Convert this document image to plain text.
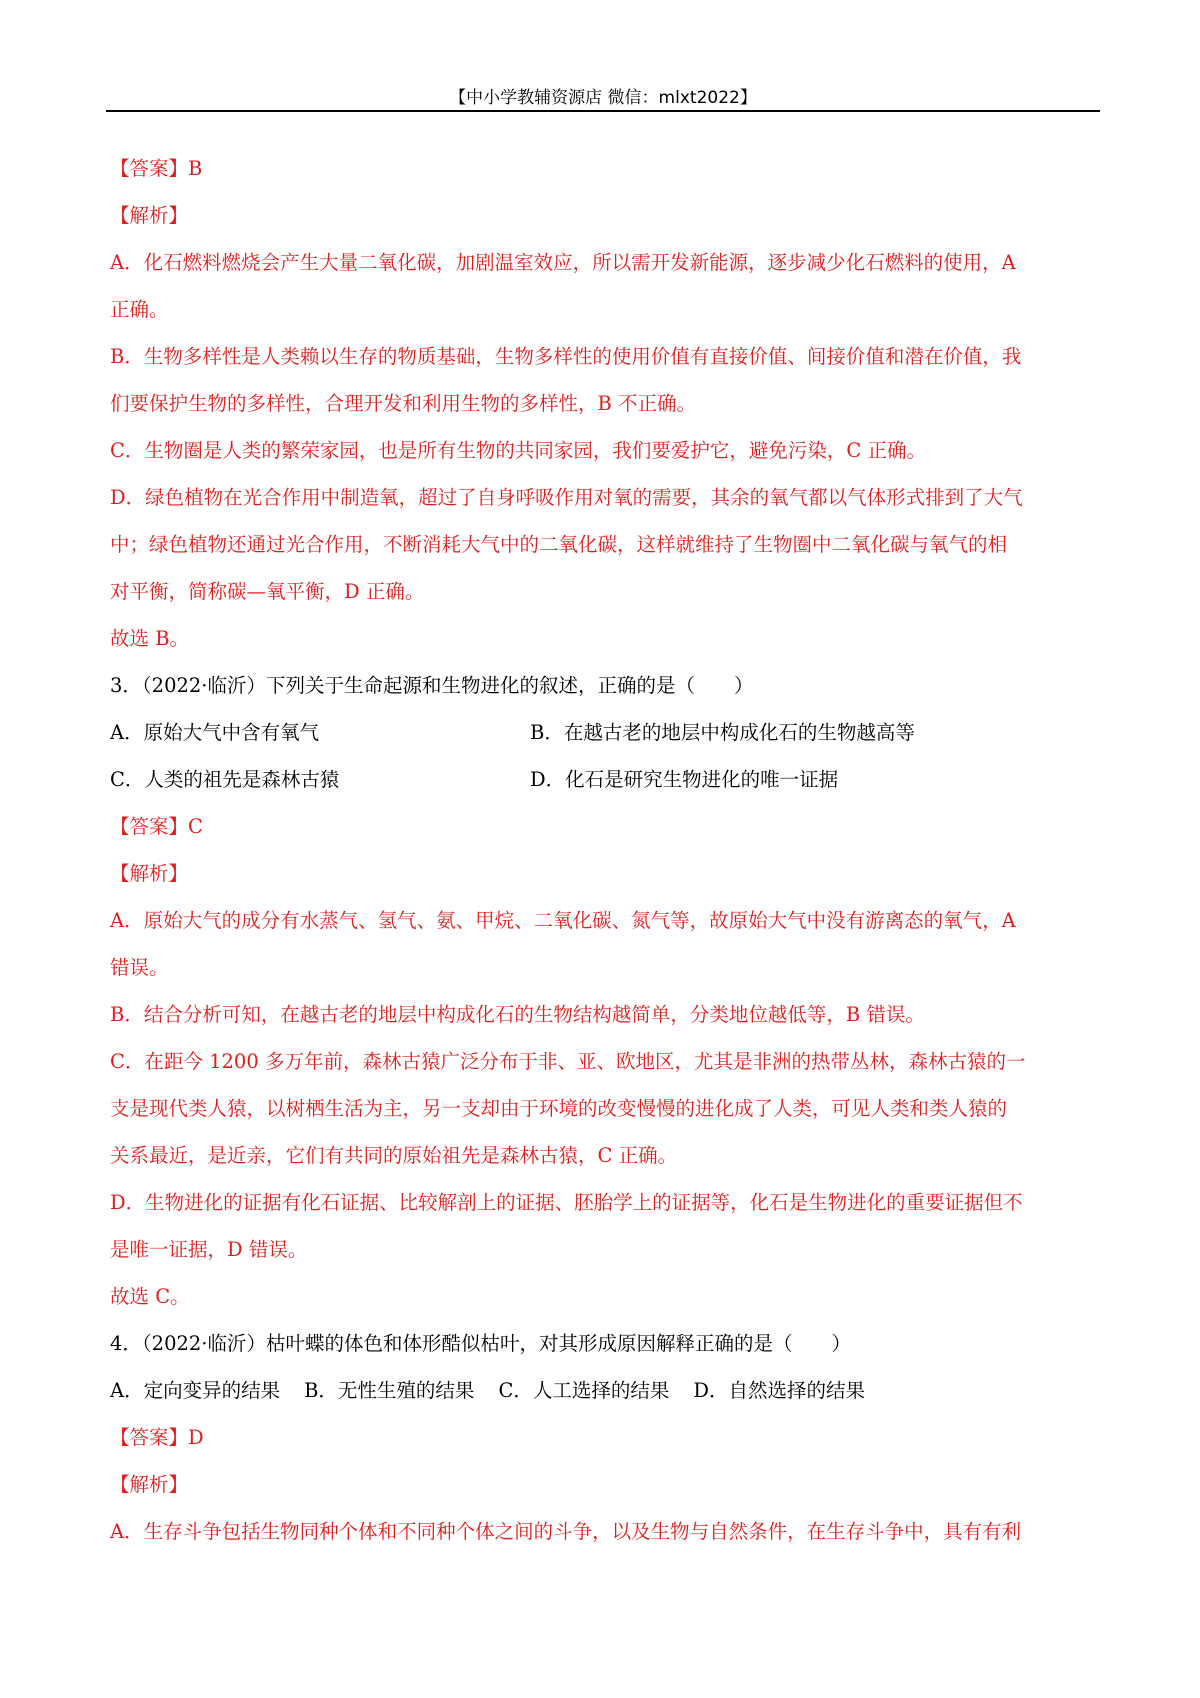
【中小学教辅资源店 微信：mlxt2022】

【答案】B

【解析】

A．化石燃料燃烧会产生大量二氧化碳，加剧温室效应，所以需开发新能源，逐步减少化石燃料的使用，A

正确。

B．生物多样性是人类赖以生存的物质基础，生物多样性的使用价值有直接价值、间接价值和潜在价值，我

们要保护生物的多样性，合理开发和利用生物的多样性，B 不正确。

C．生物圈是人类的繁荣家园，也是所有生物的共同家园，我们要爱护它，避免污染，C 正确。

D．绿色植物在光合作用中制造氧，超过了自身呼吸作用对氧的需要，其余的氧气都以气体形式排到了大气

中；绿色植物还通过光合作用，不断消耗大气中的二氧化碳，这样就维持了生物圈中二氧化碳与氧气的相

对平衡，简称碳—氧平衡，D 正确。

故选 B。

3．（2022·临沂）下列关于生命起源和生物进化的叙述，正确的是（　　）

A．原始大气中含有氧气	B．在越古老的地层中构成化石的生物越高等
C．人类的祖先是森林古猿	D．化石是研究生物进化的唯一证据

【答案】C

【解析】

A．原始大气的成分有水蒸气、氢气、氨、甲烷、二氧化碳、氮气等，故原始大气中没有游离态的氧气，A

错误。

B．结合分析可知，在越古老的地层中构成化石的生物结构越简单，分类地位越低等，B 错误。

C．在距今 1200 多万年前，森林古猿广泛分布于非、亚、欧地区，尤其是非洲的热带丛林，森林古猿的一

支是现代类人猿，以树栖生活为主，另一支却由于环境的改变慢慢的进化成了人类，可见人类和类人猿的

关系最近，是近亲，它们有共同的原始祖先是森林古猿，C 正确。

D．生物进化的证据有化石证据、比较解剖上的证据、胚胎学上的证据等，化石是生物进化的重要证据但不

是唯一证据，D 错误。

故选 C。

4．（2022·临沂）枯叶蝶的体色和体形酷似枯叶，对其形成原因解释正确的是（　　）

A．定向变异的结果 B．无性生殖的结果 C．人工选择的结果 D．自然选择的结果

【答案】D

【解析】

A．生存斗争包括生物同种个体和不同种个体之间的斗争，以及生物与自然条件，在生存斗争中，具有有利
